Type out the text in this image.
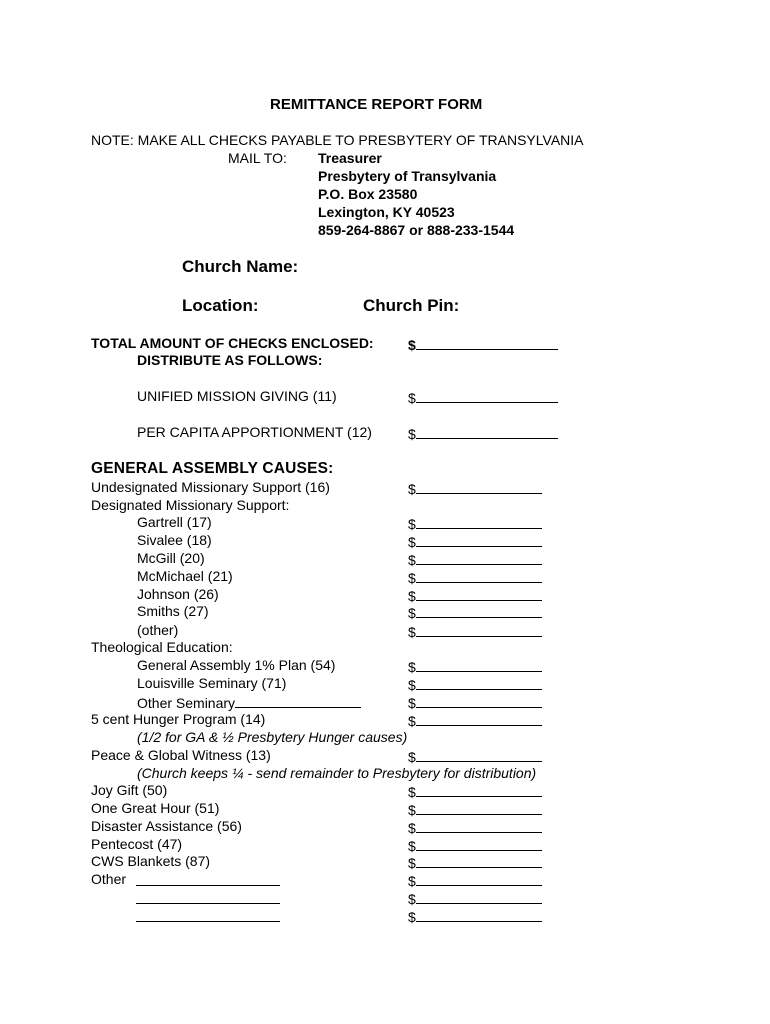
REMITTANCE REPORT FORM
NOTE: MAKE ALL CHECKS PAYABLE TO PRESBYTERY OF TRANSYLVANIA
MAIL TO: Treasurer
Presbytery of Transylvania
P.O. Box 23580
Lexington, KY 40523
859-264-8867 or 888-233-1544
Church Name:
Location:	Church Pin:
TOTAL AMOUNT OF CHECKS ENCLOSED: $
DISTRIBUTE AS FOLLOWS:
UNIFIED MISSION GIVING (11)	$
PER CAPITA APPORTIONMENT (12)	$
GENERAL ASSEMBLY CAUSES:
Undesignated Missionary Support (16)	$
Designated Missionary Support:
Gartrell (17)	$
Sivalee (18)	$
McGill (20)	$
McMichael (21)	$
Johnson (26)	$
Smiths (27)	$
(other)	$
Theological Education:
General Assembly 1% Plan (54)	$
Louisville Seminary (71)	$
Other Seminary	$
5 cent Hunger Program (14)	$
(1/2 for GA & ½ Presbytery Hunger causes)
Peace & Global Witness (13)	$
(Church keeps ¼ - send remainder to Presbytery for distribution)
Joy Gift (50)	$
One Great Hour (51)	$
Disaster Assistance (56)	$
Pentecost (47)	$
CWS Blankets (87)	$
Other	$
$
$
